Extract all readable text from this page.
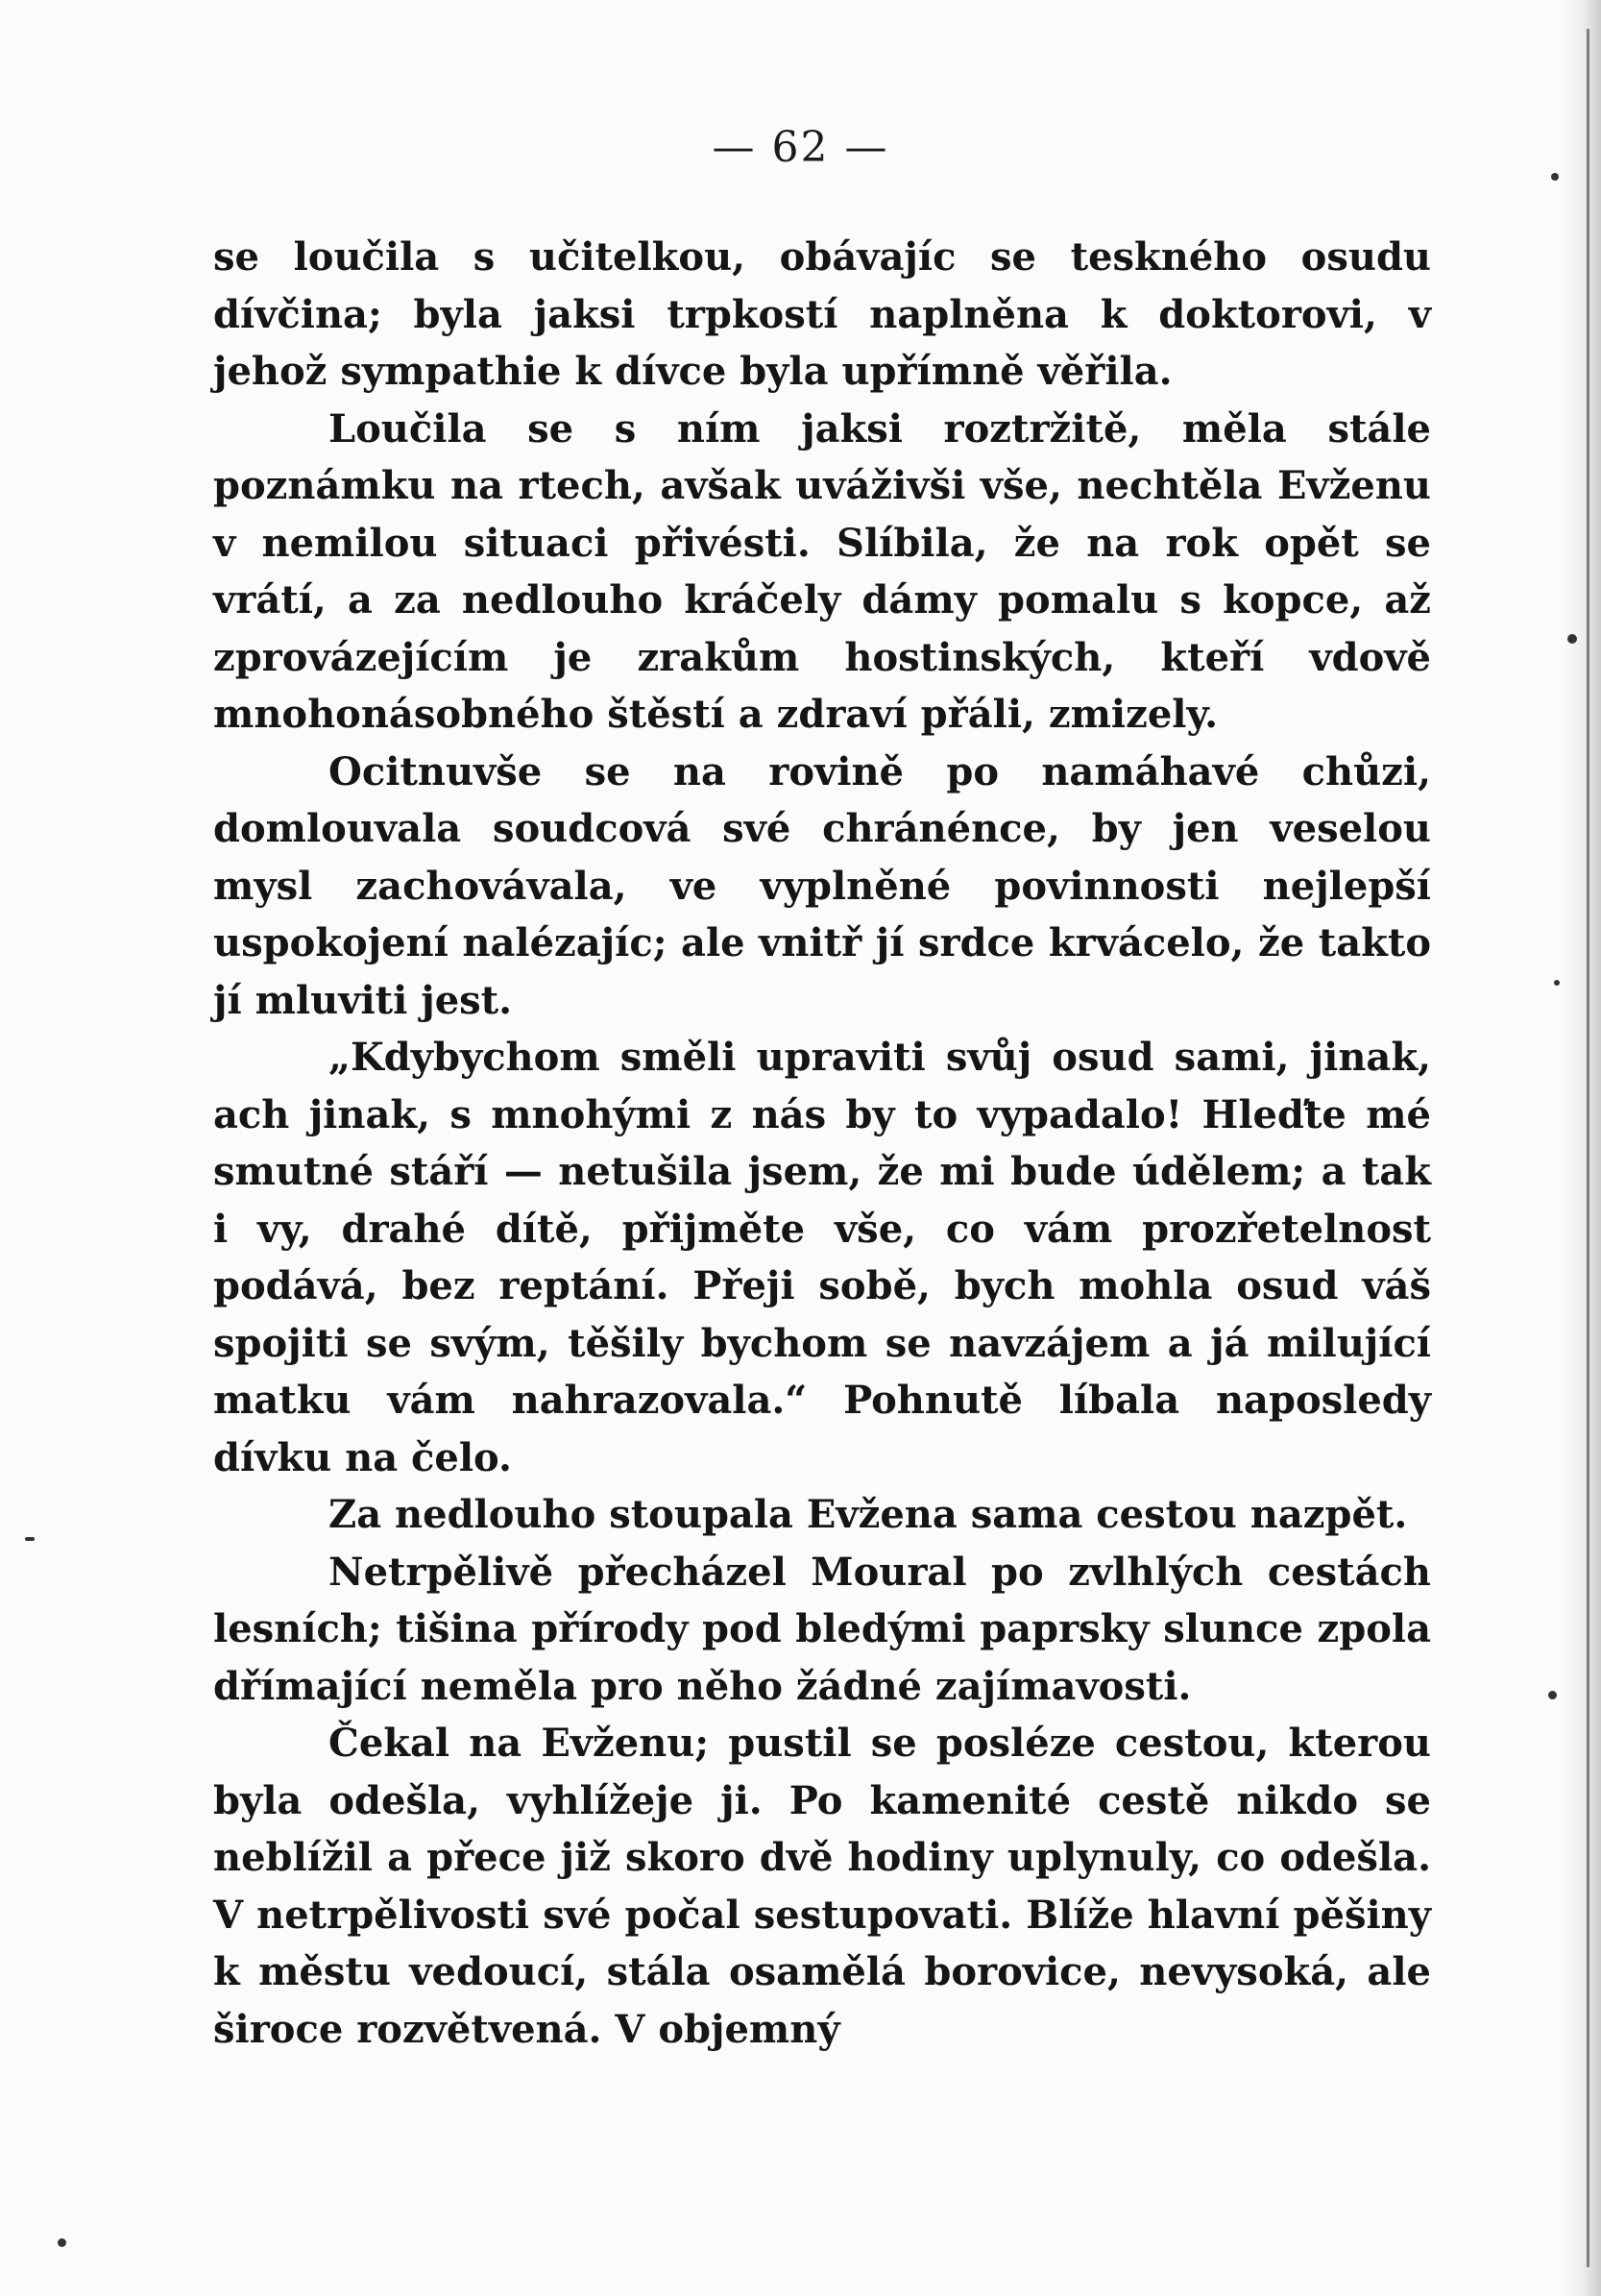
— 62 —

se loučila s učitelkou, obávajíc se teskného osudu dívčina; byla jaksi trpkostí naplněna k doktorovi, v jehož sympathie k dívce byla upřímně věřila.

Loučila se s ním jaksi roztržitě, měla stále poznámku na rtech, avšak uváživši vše, nechtěla Evženu v nemilou situaci přivésti. Slíbila, že na rok opět se vrátí, a za nedlouho kráčely dámy pomalu s kopce, až zprovázejícím je zrakům hostinských, kteří vdově mnohonásobného štěstí a zdraví přáli, zmizely.

Ocitnuvše se na rovině po namáhavé chůzi, domlouvala soudcová své chránénce, by jen veselou mysl zachovávala, ve vyplněné povinnosti nejlepší uspokojení nalézajíc; ale vnitř jí srdce krvácelo, že takto jí mluviti jest.

„Kdybychom směli upraviti svůj osud sami, jinak, ach jinak, s mnohými z nás by to vypadalo! Hleďte mé smutné stáří — netušila jsem, že mi bude údělem; a tak i vy, drahé dítě, přijměte vše, co vám prozřetelnost podává, bez reptání. Přeji sobě, bych mohla osud váš spojiti se svým, těšily bychom se navzájem a já milující matku vám nahrazovala.“ Pohnutě líbala naposledy dívku na čelo.

Za nedlouho stoupala Evžena sama cestou nazpět.

Netrpělivě přecházel Moural po zvlhlých cestách lesních; tišina přírody pod bledými paprsky slunce zpola dřímající neměla pro něho žádné zajímavosti.

Čekal na Evženu; pustil se posléze cestou, kterou byla odešla, vyhlížeje ji. Po kamenité cestě nikdo se neblížil a přece již skoro dvě hodiny uplynuly, co odešla. V netrpělivosti své počal sestupovati. Blíže hlavní pěšiny k městu vedoucí, stála osamělá borovice, nevysoká, ale široce rozvětvená. V objemný
